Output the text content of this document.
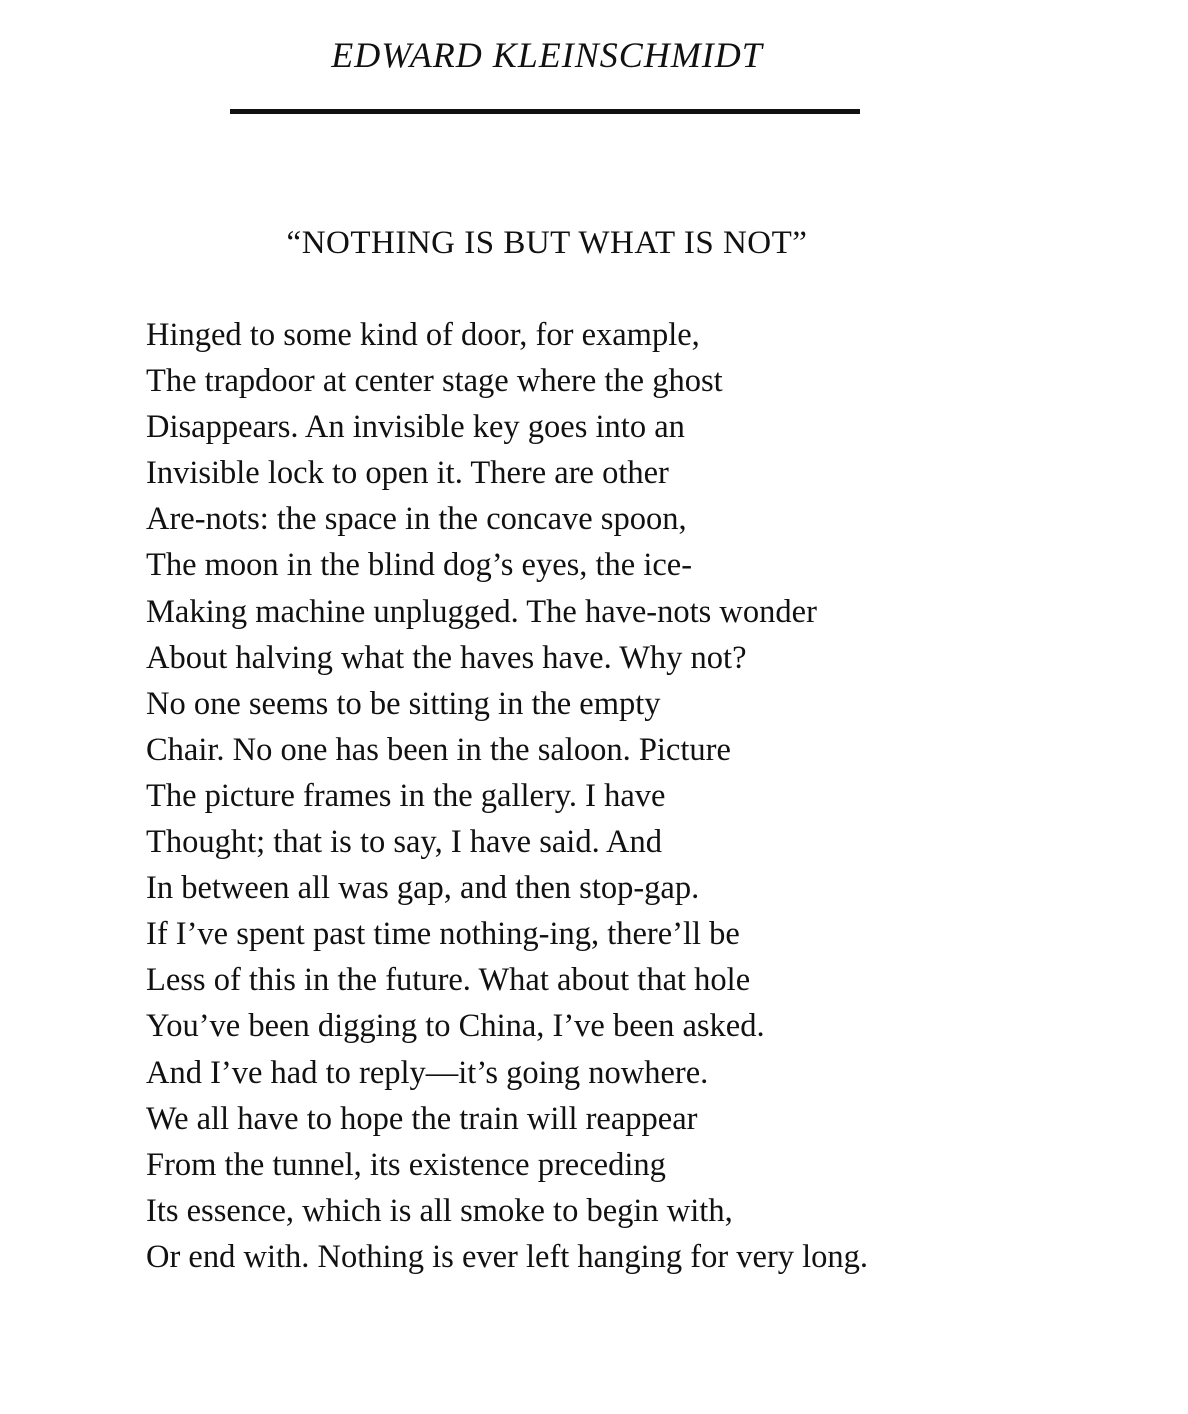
EDWARD KLEINSCHMIDT
“NOTHING IS BUT WHAT IS NOT”
Hinged to some kind of door, for example,
The trapdoor at center stage where the ghost
Disappears. An invisible key goes into an
Invisible lock to open it. There are other
Are-nots: the space in the concave spoon,
The moon in the blind dog’s eyes, the ice-
Making machine unplugged. The have-nots wonder
About halving what the haves have. Why not?
No one seems to be sitting in the empty
Chair. No one has been in the saloon. Picture
The picture frames in the gallery. I have
Thought; that is to say, I have said. And
In between all was gap, and then stop-gap.
If I’ve spent past time nothing-ing, there’ll be
Less of this in the future. What about that hole
You’ve been digging to China, I’ve been asked.
And I’ve had to reply—it’s going nowhere.
We all have to hope the train will reappear
From the tunnel, its existence preceding
Its essence, which is all smoke to begin with,
Or end with. Nothing is ever left hanging for very long.
